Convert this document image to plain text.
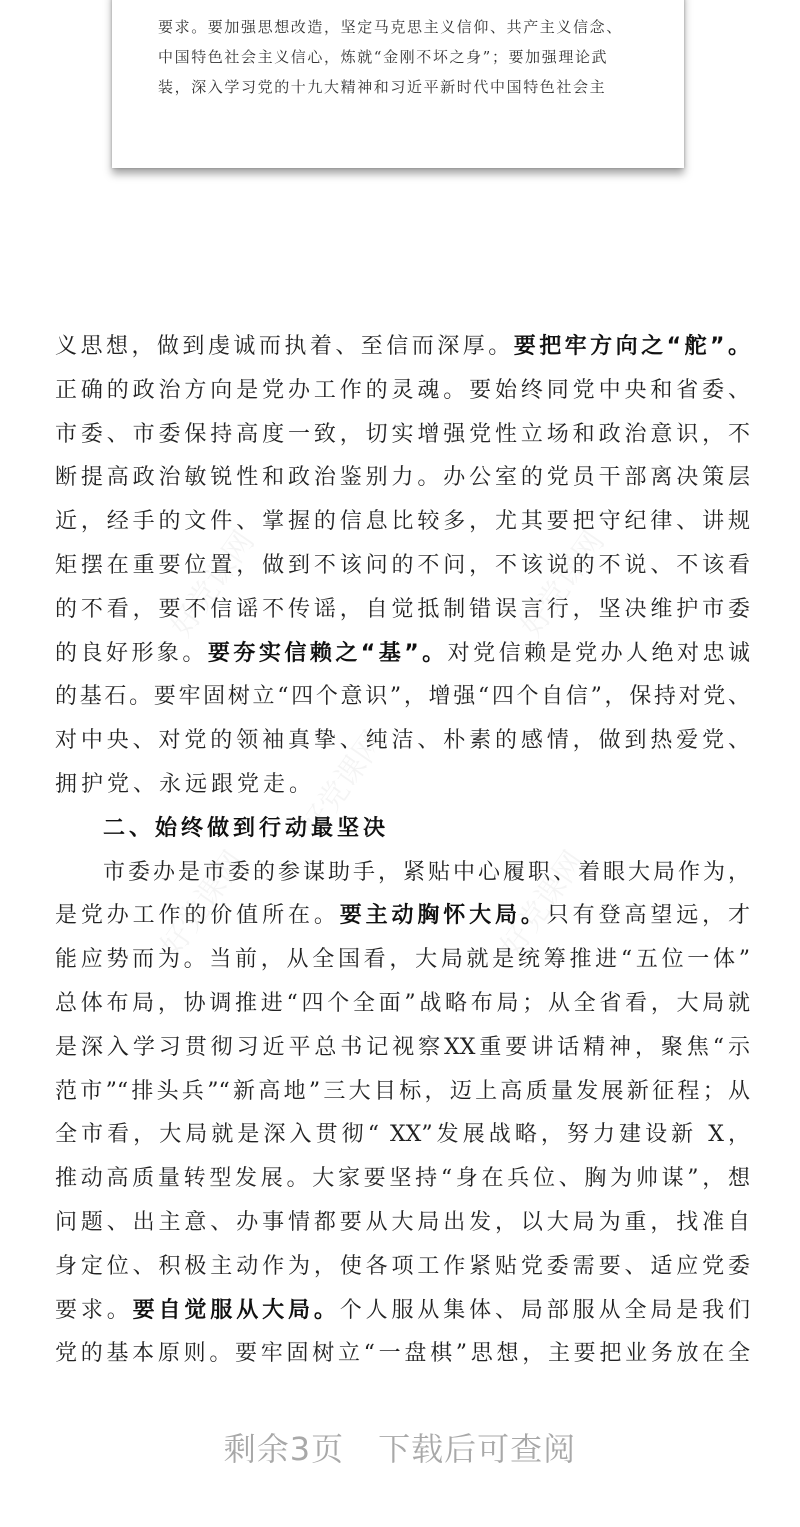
要求。要加强思想改造，坚定马克思主义信仰、共产主义信念、
中国特色社会主义信心，炼就“金刚不坏之身”；要加强理论武
装，深入学习党的十九大精神和习近平新时代中国特色社会主
义思想，做到虔诚而执着、至信而深厚。要把牢方向之“舵”。
正确的政治方向是党办工作的灵魂。要始终同党中央和省委、
市委、市委保持高度一致，切实增强党性立场和政治意识，不
断提高政治敏锐性和政治鉴别力。办公室的党员干部离决策层
近，经手的文件、掌握的信息比较多，尤其要把守纪律、讲规
矩摆在重要位置，做到不该问的不问，不该说的不说、不该看
的不看，要不信谣不传谣，自觉抵制错误言行，坚决维护市委
的良好形象。要夯实信赖之“基”。对党信赖是党办人绝对忠诚
的基石。要牢固树立“四个意识”，增强“四个自信”，保持对党、
对中央、对党的领袖真挚、纯洁、朴素的感情，做到热爱党、
拥护党、永远跟党走。
二、始终做到行动最坚决
市委办是市委的参谋助手，紧贴中心履职、着眼大局作为，
是党办工作的价值所在。要主动胸怀大局。只有登高望远，才
能应势而为。当前，从全国看，大局就是统筹推进“五位一体”
总体布局，协调推进“四个全面”战略布局；从全省看，大局就
是深入学习贯彻习近平总书记视察XX重要讲话精神，聚焦“示
范市”“排头兵”“新高地”三大目标，迈上高质量发展新征程；从
全市看，大局就是深入贯彻“ XX”发展战略，努力建设新 X，
推动高质量转型发展。大家要坚持“身在兵位、胸为帅谋”，想
问题、出主意、办事情都要从大局出发，以大局为重，找准自
身定位、积极主动作为，使各项工作紧贴党委需要、适应党委
要求。要自觉服从大局。个人服从集体、局部服从全局是我们
党的基本原则。要牢固树立“一盘棋”思想，主要把业务放在全
剩余3页 下载后可查阅
